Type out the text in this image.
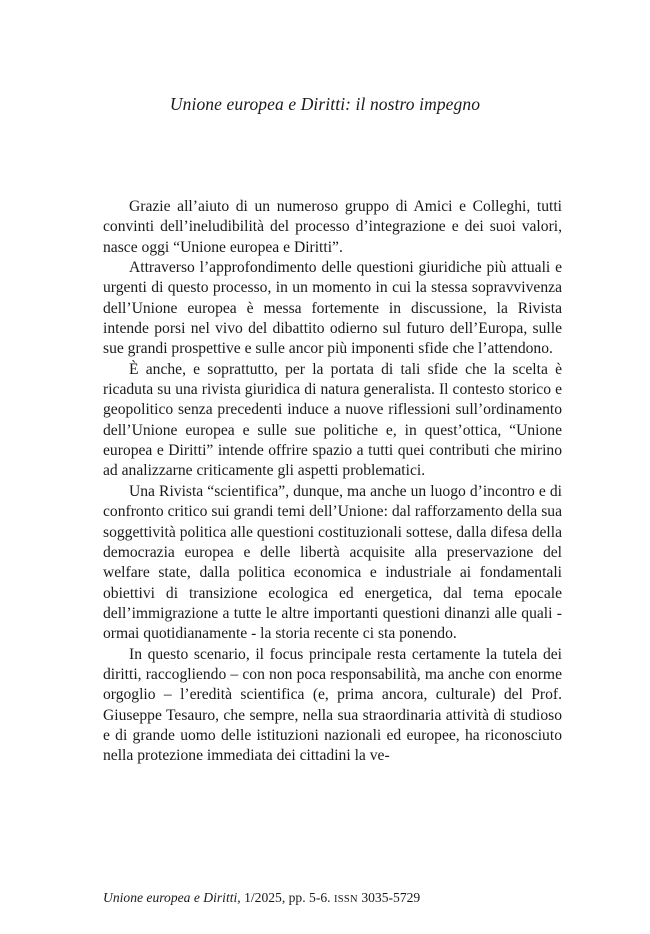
Unione europea e Diritti: il nostro impegno

Grazie all’aiuto di un numeroso gruppo di Amici e Colleghi, tutti convinti dell’ineludibilità del processo d’integrazione e dei suoi valori, nasce oggi “Unione europea e Diritti”.

Attraverso l’approfondimento delle questioni giuridiche più attuali e urgenti di questo processo, in un momento in cui la stessa sopravvivenza dell’Unione europea è messa fortemente in discussione, la Rivista intende porsi nel vivo del dibattito odierno sul futuro dell’Europa, sulle sue grandi prospettive e sulle ancor più imponenti sfide che l’attendono.

È anche, e soprattutto, per la portata di tali sfide che la scelta è ricaduta su una rivista giuridica di natura generalista. Il contesto storico e geopolitico senza precedenti induce a nuove riflessioni sull’ordinamento dell’Unione europea e sulle sue politiche e, in quest’ottica, “Unione europea e Diritti” intende offrire spazio a tutti quei contributi che mirino ad analizzarne criticamente gli aspetti problematici.

Una Rivista “scientifica”, dunque, ma anche un luogo d’incontro e di confronto critico sui grandi temi dell’Unione: dal rafforzamento della sua soggettività politica alle questioni costituzionali sottese, dalla difesa della democrazia europea e delle libertà acquisite alla preservazione del welfare state, dalla politica economica e industriale ai fondamentali obiettivi di transizione ecologica ed energetica, dal tema epocale dell’immigrazione a tutte le altre importanti questioni dinanzi alle quali - ormai quotidianamente - la storia recente ci sta ponendo.

In questo scenario, il focus principale resta certamente la tutela dei diritti, raccogliendo – con non poca responsabilità, ma anche con enorme orgoglio – l’eredità scientifica (e, prima ancora, culturale) del Prof. Giuseppe Tesauro, che sempre, nella sua straordinaria attività di studioso e di grande uomo delle istituzioni nazionali ed europee, ha riconosciuto nella protezione immediata dei cittadini la ve-

Unione europea e Diritti, 1/2025, pp. 5-6. ISSN 3035-5729
